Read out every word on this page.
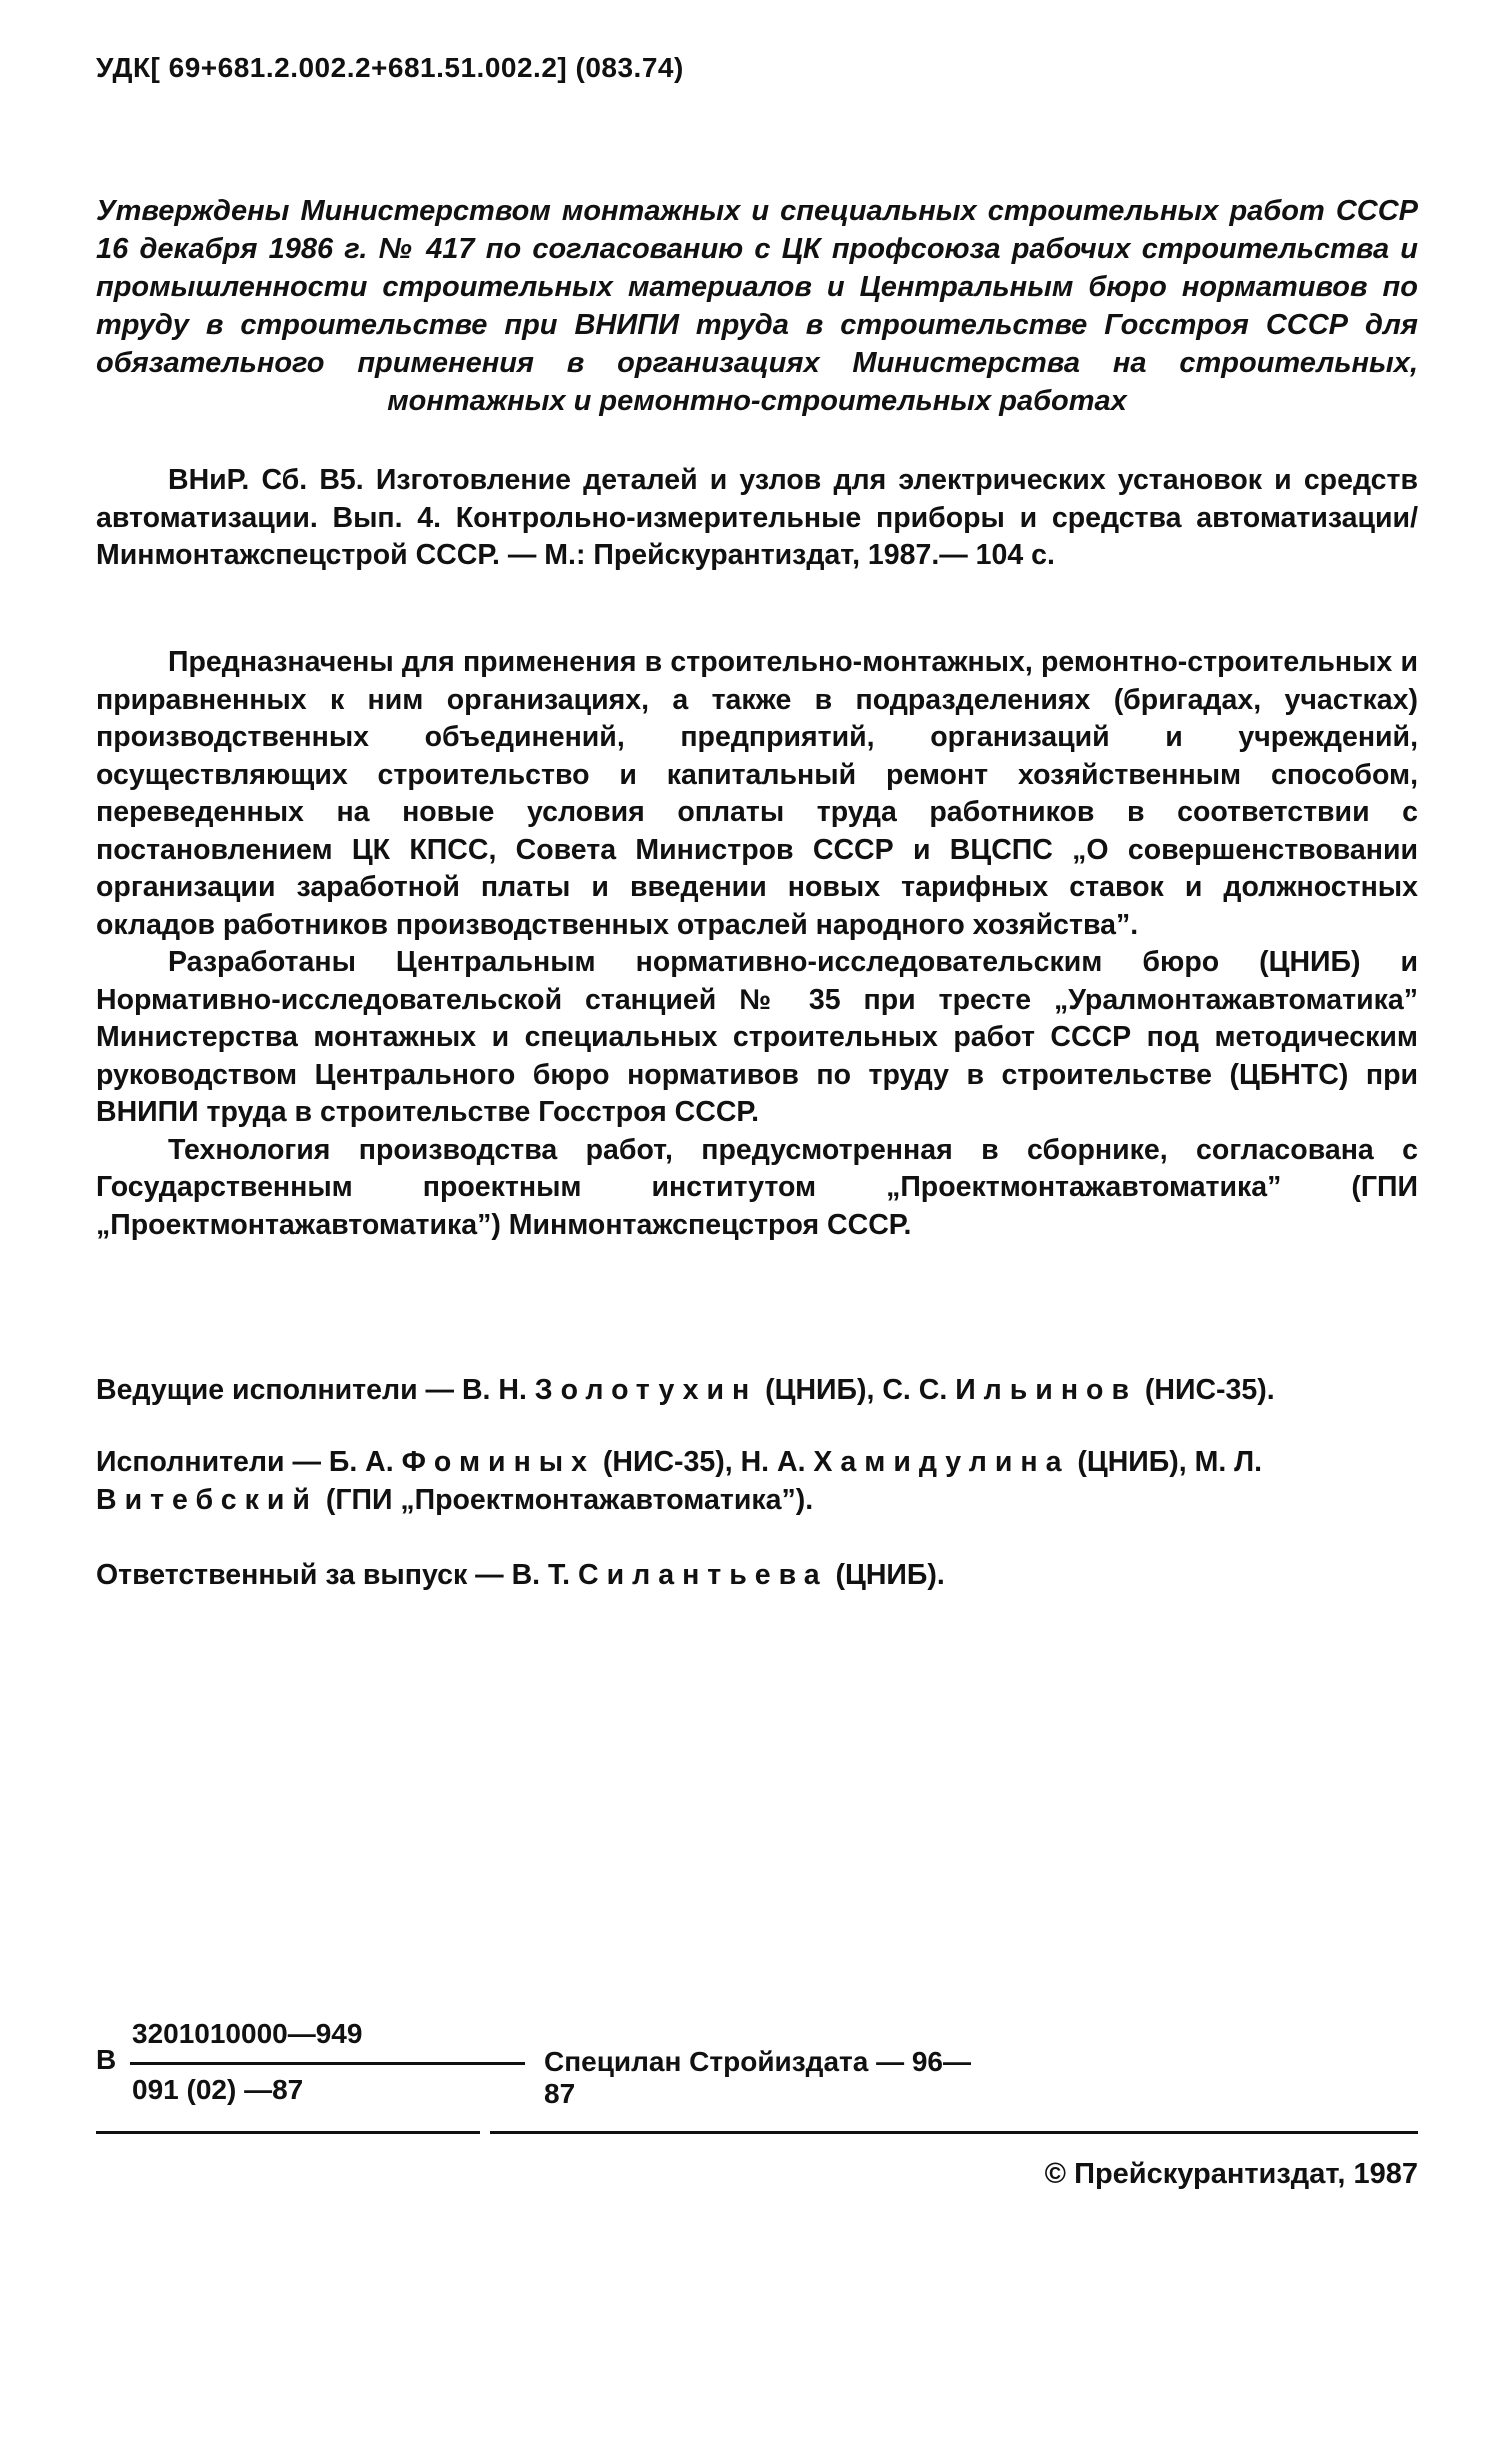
УДК[ 69+681.2.002.2+681.51.002.2] (083.74)
Утверждены Министерством монтажных и специальных строительных работ СССР 16 декабря 1986 г. № 417 по согласованию с ЦК профсоюза рабочих строительства и промышленности строительных материалов и Центральным бюро нормативов по труду в строительстве при ВНИПИ труда в строительстве Госстроя СССР для обязательного применения в организациях Министерства на строительных, монтажных и ремонтно-строительных работах
ВНиР. Сб. В5. Изготовление деталей и узлов для электрических установок и средств автоматизации. Вып. 4. Контрольно-измерительные приборы и средства автоматизации/Минмонтажспецстрой СССР. — М.: Прейскурантиздат, 1987.— 104 с.

Предназначены для применения в строительно-монтажных, ремонтно-строительных и приравненных к ним организациях, а также в подразделениях (бригадах, участках) производственных объединений, предприятий, организаций и учреждений, осуществляющих строительство и капитальный ремонт хозяйственным способом, переведенных на новые условия оплаты труда работников в соответствии с постановлением ЦК КПСС, Совета Министров СССР и ВЦСПС „О совершенствовании организации заработной платы и введении новых тарифных ставок и должностных окладов работников производственных отраслей народного хозяйства”.

Разработаны Центральным нормативно-исследовательским бюро (ЦНИБ) и Нормативно-исследовательской станцией № 35 при тресте „Уралмонтажавтоматика” Министерства монтажных и специальных строительных работ СССР под методическим руководством Центрального бюро нормативов по труду в строительстве (ЦБНТС) при ВНИПИ труда в строительстве Госстроя СССР.

Технология производства работ, предусмотренная в сборнике, согласована с Государственным проектным институтом „Проектмонтажавтоматика” (ГПИ „Проектмонтажавтоматика”) Минмонтажспецстроя СССР.

Ведущие исполнители — В. Н. Золотухин (ЦНИБ), С. С. Ильинов (НИС-35).
Исполнители — Б. А. Фоминых (НИС-35), Н. А. Хамидулина (ЦНИБ), М. Л. Витебский (ГПИ „Проектмонтажавтоматика”).
Ответственный за выпуск — В. Т. Силантьева (ЦНИБ).
В
3201010000—949
091 (02) —87
Специлан Стройиздата — 96—87
© Прейскурантиздат, 1987
